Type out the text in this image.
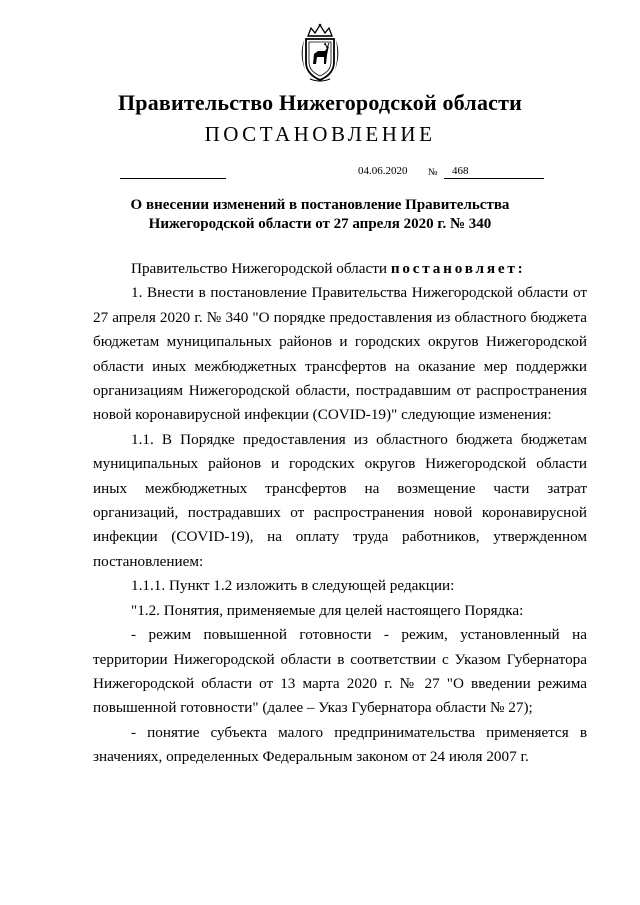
Правительство Нижегородской области
ПОСТАНОВЛЕНИЕ
04.06.2020 № 468
О внесении изменений в постановление Правительства
Нижегородской области от 27 апреля 2020 г. № 340

Правительство Нижегородской области постановляет:

1. Внести в постановление Правительства Нижегородской области от 27 апреля 2020 г. № 340 "О порядке предоставления из областного бюджета бюджетам муниципальных районов и городских округов Нижегородской области иных межбюджетных трансфертов на оказание мер поддержки организациям Нижегородской области, пострадавшим от распространения новой коронавирусной инфекции (COVID-19)" следующие изменения:

1.1. В Порядке предоставления из областного бюджета бюджетам муниципальных районов и городских округов Нижегородской области иных межбюджетных трансфертов на возмещение части затрат организаций, пострадавших от распространения новой коронавирусной инфекции (COVID-19), на оплату труда работников, утвержденном постановлением:

1.1.1. Пункт 1.2 изложить в следующей редакции:

"1.2. Понятия, применяемые для целей настоящего Порядка:

- режим повышенной готовности - режим, установленный на территории Нижегородской области в соответствии с Указом Губернатора Нижегородской области от 13 марта 2020 г. № 27 "О введении режима повышенной готовности" (далее – Указ Губернатора области № 27);

- понятие субъекта малого предпринимательства применяется в значениях, определенных Федеральным законом от 24 июля 2007 г.
